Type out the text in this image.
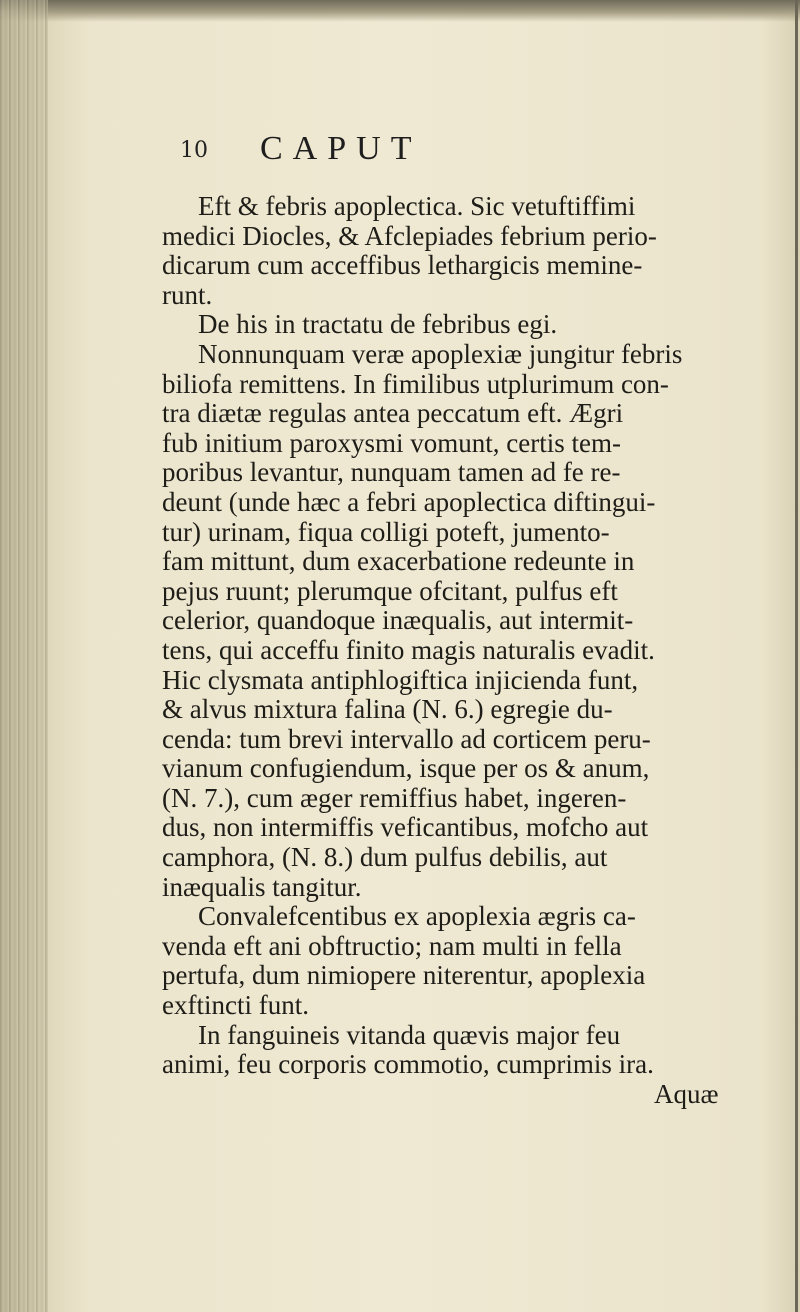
10 CAPUT
Eft & febris apoplectica. Sic vetuftiffimi
medici Diocles, & Afclepiades febrium perio-
dicarum cum acceffibus lethargicis memine-
runt.
De his in tractatu de febribus egi.
Nonnunquam veræ apoplexiæ jungitur febris
biliofa remittens. In fimilibus utplurimum con-
tra diætæ regulas antea peccatum eft. Ægri
fub initium paroxysmi vomunt, certis tem-
poribus levantur, nunquam tamen ad fe re-
deunt (unde hæc a febri apoplectica diftingui-
tur) urinam, fiqua colligi poteft, jumento-
fam mittunt, dum exacerbatione redeunte in
pejus ruunt; plerumque ofcitant, pulfus eft
celerior, quandoque inæqualis, aut intermit-
tens, qui acceffu finito magis naturalis evadit.
Hic clysmata antiphlogiftica injicienda funt,
& alvus mixtura falina (N. 6.) egregie du-
cenda: tum brevi intervallo ad corticem peru-
vianum confugiendum, isque per os & anum,
(N. 7.), cum æger remiffius habet, ingeren-
dus, non intermiffis veficantibus, mofcho aut
camphora, (N. 8.) dum pulfus debilis, aut
inæqualis tangitur.
Convalefcentibus ex apoplexia ægris ca-
venda eft ani obftructio; nam multi in fella
pertufa, dum nimiopere niterentur, apoplexia
exftincti funt.
In fanguineis vitanda quævis major feu
animi, feu corporis commotio, cumprimis ira.
Aquæ
